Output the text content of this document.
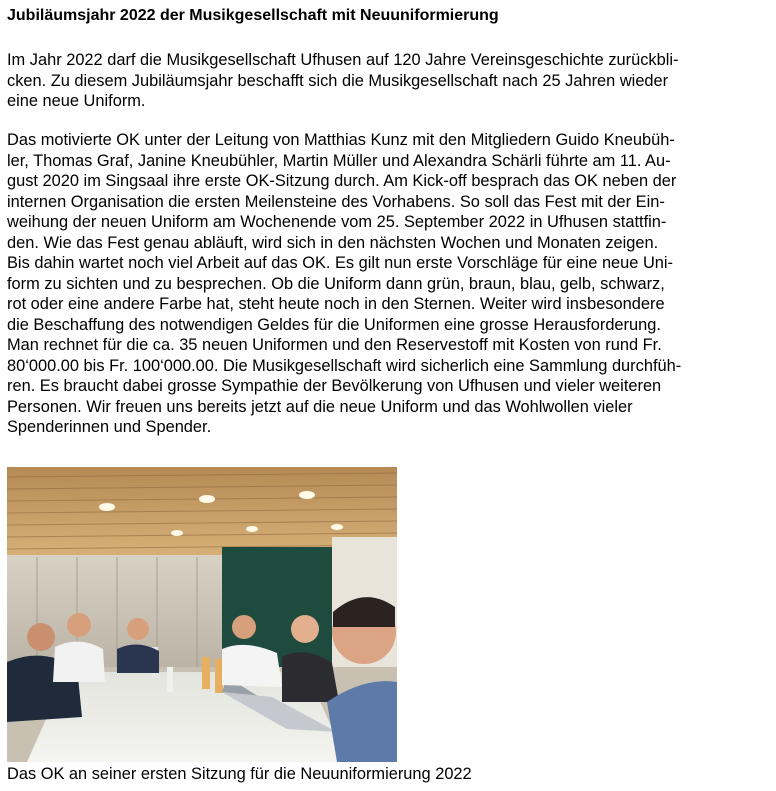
Jubiläumsjahr 2022 der Musikgesellschaft mit Neuuniformierung
Im Jahr 2022 darf die Musikgesellschaft Ufhusen auf 120 Jahre Vereinsgeschichte zurückbli-
cken. Zu diesem Jubiläumsjahr beschafft sich die Musikgesellschaft nach 25 Jahren wieder
eine neue Uniform.
Das motivierte OK unter der Leitung von Matthias Kunz mit den Mitgliedern Guido Kneubüh-
ler, Thomas Graf, Janine Kneubühler, Martin Müller und Alexandra Schärli führte am 11. Au-
gust 2020 im Singsaal ihre erste OK-Sitzung durch. Am Kick-off besprach das OK neben der
internen Organisation die ersten Meilensteine des Vorhabens. So soll das Fest mit der Ein-
weihung der neuen Uniform am Wochenende vom 25. September 2022 in Ufhusen stattfin-
den. Wie das Fest genau abläuft, wird sich in den nächsten Wochen und Monaten zeigen.
Bis dahin wartet noch viel Arbeit auf das OK. Es gilt nun erste Vorschläge für eine neue Uni-
form zu sichten und zu besprechen. Ob die Uniform dann grün, braun, blau, gelb, schwarz,
rot oder eine andere Farbe hat, steht heute noch in den Sternen. Weiter wird insbesondere
die Beschaffung des notwendigen Geldes für die Uniformen eine grosse Herausforderung.
Man rechnet für die ca. 35 neuen Uniformen und den Reservestoff mit Kosten von rund Fr.
80‘000.00 bis Fr. 100‘000.00. Die Musikgesellschaft wird sicherlich eine Sammlung durchfüh-
ren. Es braucht dabei grosse Sympathie der Bevölkerung von Ufhusen und vieler weiteren
Personen. Wir freuen uns bereits jetzt auf die neue Uniform und das Wohlwollen vieler
Spenderinnen und Spender.
Das OK an seiner ersten Sitzung für die Neuuniformierung 2022
